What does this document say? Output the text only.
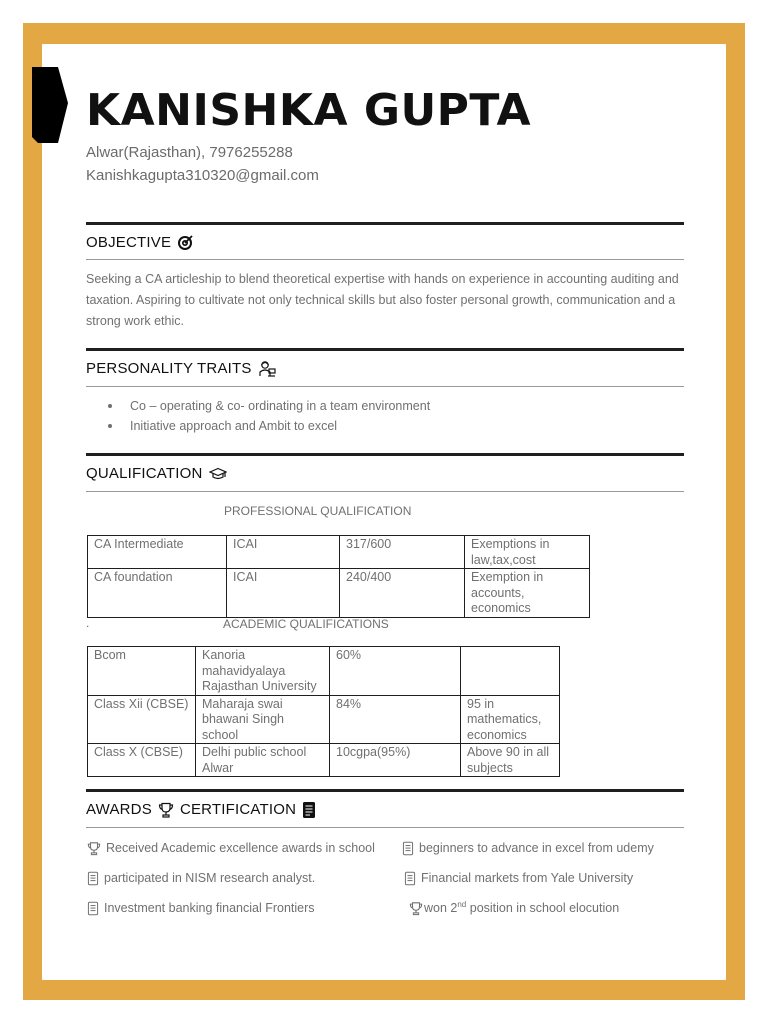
KANISHKA GUPTA
Alwar(Rajasthan), 7976255288
Kanishkagupta310320@gmail.com
OBJECTIVE
Seeking a CA articleship to blend theoretical expertise with hands on experience in accounting auditing and taxation. Aspiring to cultivate not only technical skills but also foster personal growth, communication and a strong work ethic.
PERSONALITY TRAITS
Co – operating & co- ordinating in a team environment
Initiative approach and Ambit to excel
QUALIFICATION
PROFESSIONAL QUALIFICATION
CA Intermediate	ICAI	317/600	Exemptions in law,tax,cost
CA foundation	ICAI	240/400	Exemption in accounts, economics
.	ACADEMIC QUALIFICATIONS
Bcom	Kanoria mahavidyalaya Rajasthan University	60%	
Class Xii (CBSE)	Maharaja swai bhawani Singh school	84%	95 in mathematics, economics
Class X (CBSE)	Delhi public school Alwar	10cgpa(95%)	Above 90 in all subjects
AWARDS CERTIFICATION
Received Academic excellence awards in school
participated in NISM research analyst.
Investment banking financial Frontiers
beginners to advance in excel from udemy
Financial markets from Yale University
won 2nd position in school elocution
